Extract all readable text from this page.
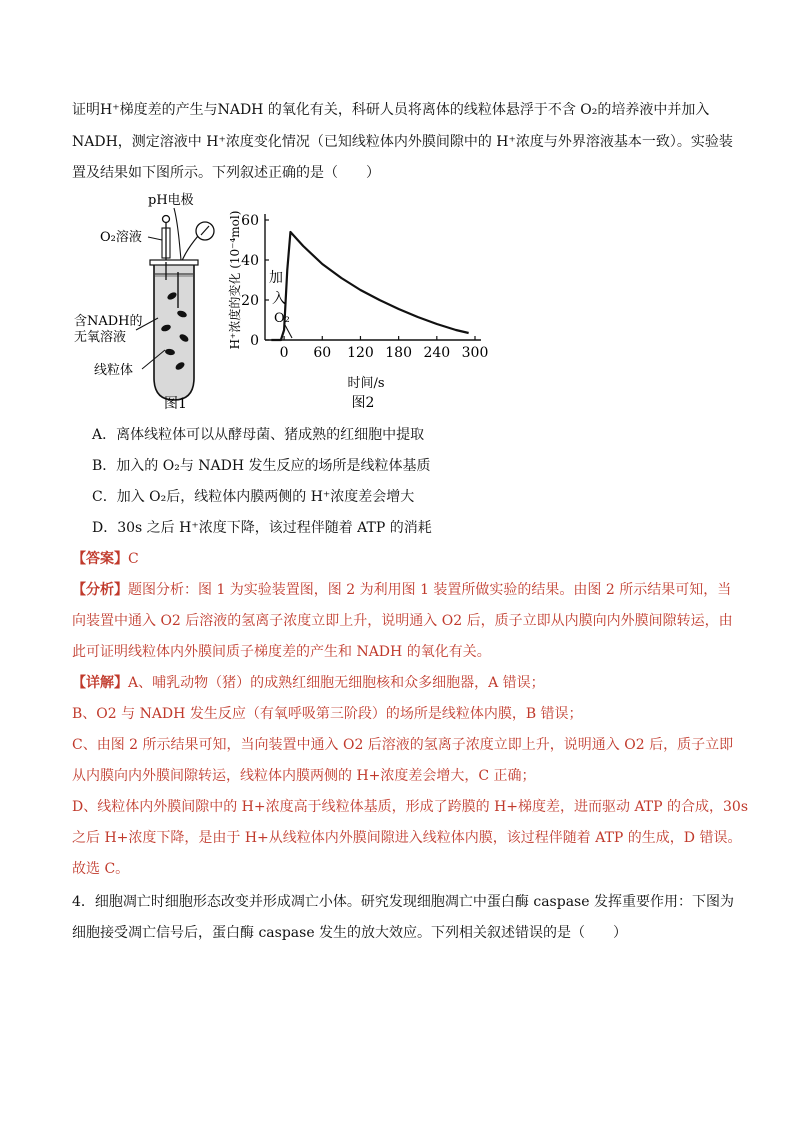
证明H⁺梯度差的产生与NADH 的氧化有关，科研人员将离体的线粒体悬浮于不含 O₂的培养液中并加入
NADH，测定溶液中 H⁺浓度变化情况（已知线粒体内外膜间隙中的 H⁺浓度与外界溶液基本一致）。实验装
置及结果如下图所示。下列叙述正确的是（　　）
pH电极
O₂溶液
含NADH的
无氧溶液
线粒体
图1
0 60 120 180 240 300
0
20
40
60
H⁺浓度的变化 (10⁻⁴mol) 加
入
O₂
时间/s
图2
A．离体线粒体可以从酵母菌、猪成熟的红细胞中提取
B．加入的 O₂与 NADH 发生反应的场所是线粒体基质
C．加入 O₂后，线粒体内膜两侧的 H⁺浓度差会增大
D．30s 之后 H⁺浓度下降，该过程伴随着 ATP 的消耗
【答案】C
【分析】题图分析：图 1 为实验装置图，图 2 为利用图 1 装置所做实验的结果。由图 2 所示结果可知，当
向装置中通入 O2 后溶液的氢离子浓度立即上升，说明通入 O2 后，质子立即从内膜向内外膜间隙转运，由
此可证明线粒体内外膜间质子梯度差的产生和 NADH 的氧化有关。
【详解】A、哺乳动物（猪）的成熟红细胞无细胞核和众多细胞器，A 错误；
B、O2 与 NADH 发生反应（有氧呼吸第三阶段）的场所是线粒体内膜，B 错误；
C、由图 2 所示结果可知，当向装置中通入 O2 后溶液的氢离子浓度立即上升，说明通入 O2 后，质子立即
从内膜向内外膜间隙转运，线粒体内膜两侧的 H+浓度差会增大，C 正确；
D、线粒体内外膜间隙中的 H+浓度高于线粒体基质，形成了跨膜的 H+梯度差，进而驱动 ATP 的合成，30s
之后 H+浓度下降，是由于 H+从线粒体内外膜间隙进入线粒体内膜，该过程伴随着 ATP 的生成，D 错误。
故选 C。
4．细胞凋亡时细胞形态改变并形成凋亡小体。研究发现细胞凋亡中蛋白酶 caspase 发挥重要作用：下图为
细胞接受凋亡信号后，蛋白酶 caspase 发生的放大效应。下列相关叙述错误的是（　　）
